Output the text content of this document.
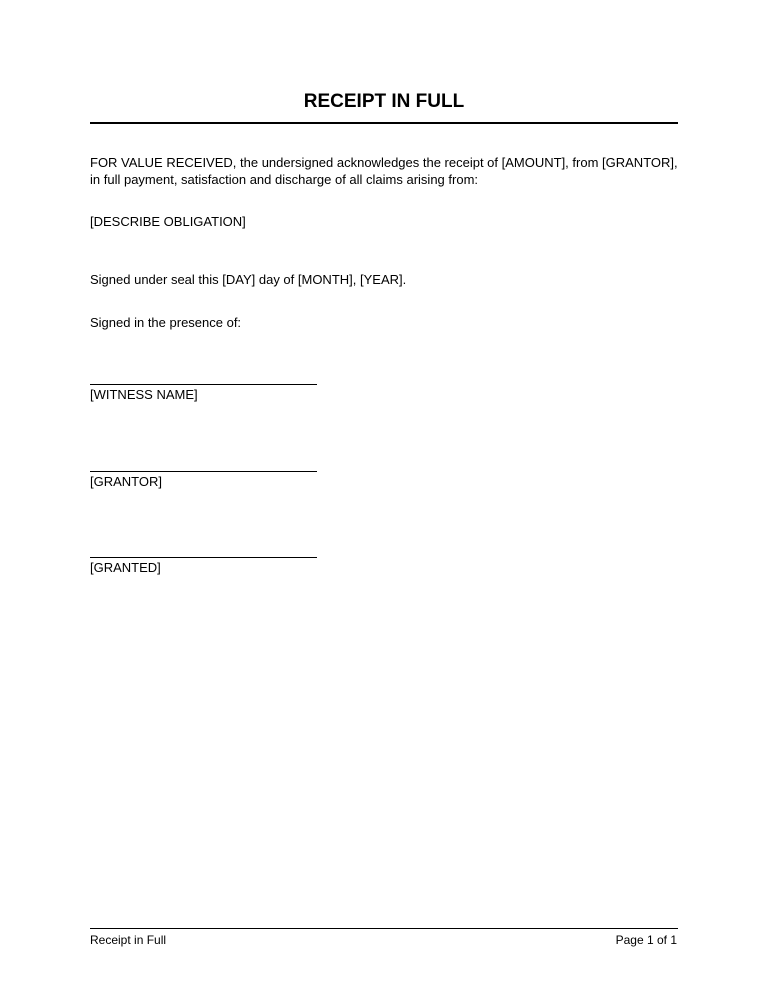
RECEIPT IN FULL
FOR VALUE RECEIVED, the undersigned acknowledges the receipt of [AMOUNT], from [GRANTOR], in full payment, satisfaction and discharge of all claims arising from:
[DESCRIBE OBLIGATION]
Signed under seal this [DAY] day of [MONTH], [YEAR].
Signed in the presence of:
[WITNESS NAME]
[GRANTOR]
[GRANTED]
Receipt in Full	Page 1 of 1
